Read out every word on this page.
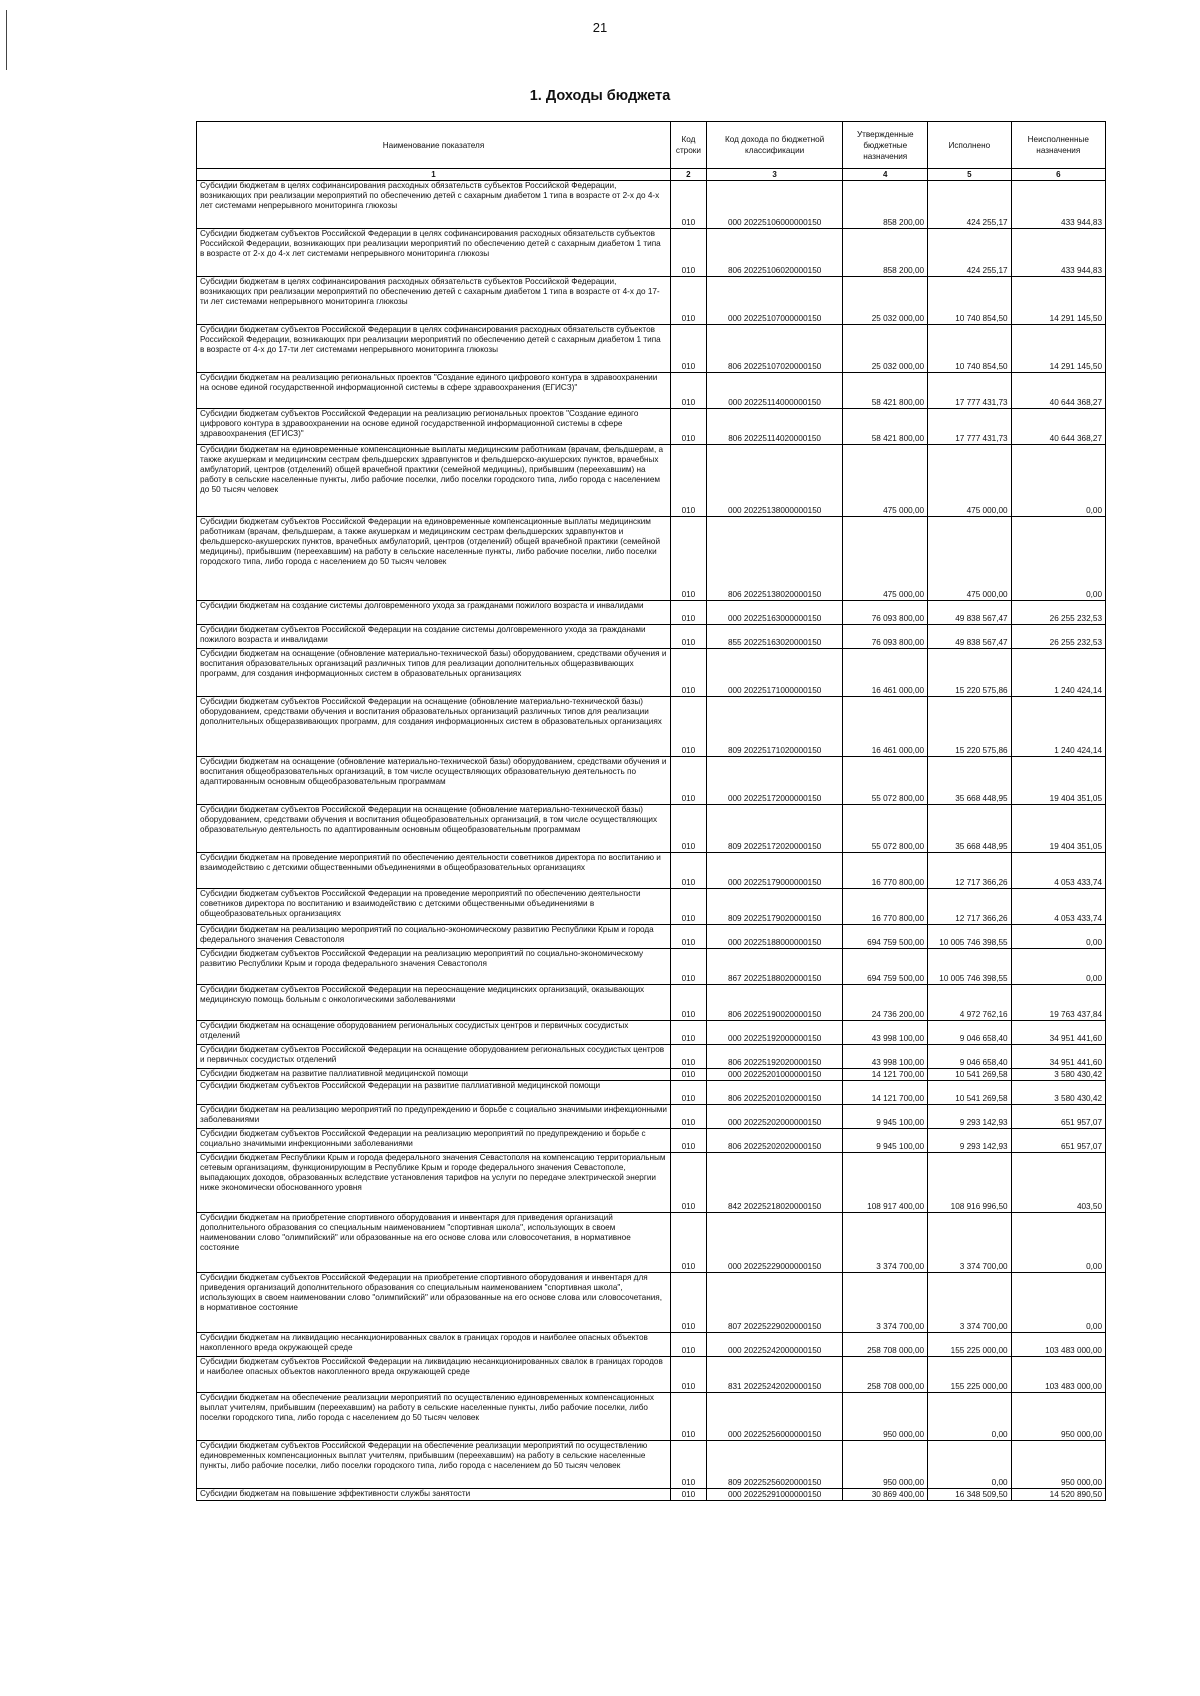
21
1. Доходы бюджета
Наименование показателя	Код строки	Код дохода по бюджетной классификации	Утвержденные бюджетные назначения	Исполнено	Неисполненные назначения
1	2	3	4	5	6
Субсидии бюджетам в целях софинансирования расходных обязательств субъектов Российской Федерации, возникающих при реализации мероприятий по обеспечению детей с сахарным диабетом 1 типа в возрасте от 2-х до 4-х лет системами непрерывного мониторинга глюкозы	010	000 20225106000000150	858 200,00	424 255,17	433 944,83
Субсидии бюджетам субъектов Российской Федерации в целях софинансирования расходных обязательств субъектов Российской Федерации, возникающих при реализации мероприятий по обеспечению детей с сахарным диабетом 1 типа в возрасте от 2-х до 4-х лет системами непрерывного мониторинга глюкозы	010	806 20225106020000150	858 200,00	424 255,17	433 944,83
Субсидии бюджетам в целях софинансирования расходных обязательств субъектов Российской Федерации, возникающих при реализации мероприятий по обеспечению детей с сахарным диабетом 1 типа в возрасте от 4-х до 17-ти лет системами непрерывного мониторинга глюкозы	010	000 20225107000000150	25 032 000,00	10 740 854,50	14 291 145,50
Субсидии бюджетам субъектов Российской Федерации в целях софинансирования расходных обязательств субъектов Российской Федерации, возникающих при реализации мероприятий по обеспечению детей с сахарным диабетом 1 типа в возрасте от 4-х до 17-ти лет системами непрерывного мониторинга глюкозы	010	806 20225107020000150	25 032 000,00	10 740 854,50	14 291 145,50
Субсидии бюджетам на реализацию региональных проектов "Создание единого цифрового контура в здравоохранении на основе единой государственной информационной системы в сфере здравоохранения (ЕГИСЗ)"	010	000 20225114000000150	58 421 800,00	17 777 431,73	40 644 368,27
Субсидии бюджетам субъектов Российской Федерации на реализацию региональных проектов "Создание единого цифрового контура в здравоохранении на основе единой государственной информационной системы в сфере здравоохранения (ЕГИСЗ)"	010	806 20225114020000150	58 421 800,00	17 777 431,73	40 644 368,27
Субсидии бюджетам на единовременные компенсационные выплаты медицинским работникам (врачам, фельдшерам, а также акушеркам и медицинским сестрам фельдшерских здравпунктов и фельдшерско-акушерских пунктов, врачебных амбулаторий, центров (отделений) общей врачебной практики (семейной медицины), прибывшим (переехавшим) на работу в сельские населенные пункты, либо рабочие поселки, либо поселки городского типа, либо города с населением до 50 тысяч человек	010	000 20225138000000150	475 000,00	475 000,00	0,00
Субсидии бюджетам субъектов Российской Федерации на единовременные компенсационные выплаты медицинским работникам (врачам, фельдшерам, а также акушеркам и медицинским сестрам фельдшерских здравпунктов и фельдшерско-акушерских пунктов, врачебных амбулаторий, центров (отделений) общей врачебной практики (семейной медицины), прибывшим (переехавшим) на работу в сельские населенные пункты, либо рабочие поселки, либо поселки городского типа, либо города с населением до 50 тысяч человек	010	806 20225138020000150	475 000,00	475 000,00	0,00
Субсидии бюджетам на создание системы долговременного ухода за гражданами пожилого возраста и инвалидами	010	000 20225163000000150	76 093 800,00	49 838 567,47	26 255 232,53
Субсидии бюджетам субъектов Российской Федерации на создание системы долговременного ухода за гражданами пожилого возраста и инвалидами	010	855 20225163020000150	76 093 800,00	49 838 567,47	26 255 232,53
Субсидии бюджетам на оснащение (обновление материально-технической базы) оборудованием, средствами обучения и воспитания образовательных организаций различных типов для реализации дополнительных общеразвивающих программ, для создания информационных систем в образовательных организациях	010	000 20225171000000150	16 461 000,00	15 220 575,86	1 240 424,14
Субсидии бюджетам субъектов Российской Федерации на оснащение (обновление материально-технической базы) оборудованием, средствами обучения и воспитания образовательных организаций различных типов для реализации дополнительных общеразвивающих программ, для создания информационных систем в образовательных организациях	010	809 20225171020000150	16 461 000,00	15 220 575,86	1 240 424,14
Субсидии бюджетам на оснащение (обновление материально-технической базы) оборудованием, средствами обучения и воспитания общеобразовательных организаций, в том числе осуществляющих образовательную деятельность по адаптированным основным общеобразовательным программам	010	000 20225172000000150	55 072 800,00	35 668 448,95	19 404 351,05
Субсидии бюджетам субъектов Российской Федерации на оснащение (обновление материально-технической базы) оборудованием, средствами обучения и воспитания общеобразовательных организаций, в том числе осуществляющих образовательную деятельность по адаптированным основным общеобразовательным программам	010	809 20225172020000150	55 072 800,00	35 668 448,95	19 404 351,05
Субсидии бюджетам на проведение мероприятий по обеспечению деятельности советников директора по воспитанию и взаимодействию с детскими общественными объединениями в общеобразовательных организациях	010	000 20225179000000150	16 770 800,00	12 717 366,26	4 053 433,74
Субсидии бюджетам субъектов Российской Федерации на проведение мероприятий по обеспечению деятельности советников директора по воспитанию и взаимодействию с детскими общественными объединениями в общеобразовательных организациях	010	809 20225179020000150	16 770 800,00	12 717 366,26	4 053 433,74
Субсидии бюджетам на реализацию мероприятий по социально-экономическому развитию Республики Крым и города федерального значения Севастополя	010	000 20225188000000150	694 759 500,00	10 005 746 398,55	0,00
Субсидии бюджетам субъектов Российской Федерации на реализацию мероприятий по социально-экономическому развитию Республики Крым и города федерального значения Севастополя	010	867 20225188020000150	694 759 500,00	10 005 746 398,55	0,00
Субсидии бюджетам субъектов Российской Федерации на переоснащение медицинских организаций, оказывающих медицинскую помощь больным с онкологическими заболеваниями	010	806 20225190020000150	24 736 200,00	4 972 762,16	19 763 437,84
Субсидии бюджетам на оснащение оборудованием региональных сосудистых центров и первичных сосудистых отделений	010	000 20225192000000150	43 998 100,00	9 046 658,40	34 951 441,60
Субсидии бюджетам субъектов Российской Федерации на оснащение оборудованием региональных сосудистых центров и первичных сосудистых отделений	010	806 20225192020000150	43 998 100,00	9 046 658,40	34 951 441,60
Субсидии бюджетам на развитие паллиативной медицинской помощи	010	000 20225201000000150	14 121 700,00	10 541 269,58	3 580 430,42
Субсидии бюджетам субъектов Российской Федерации на развитие паллиативной медицинской помощи	010	806 20225201020000150	14 121 700,00	10 541 269,58	3 580 430,42
Субсидии бюджетам на реализацию мероприятий по предупреждению и борьбе с социально значимыми инфекционными заболеваниями	010	000 20225202000000150	9 945 100,00	9 293 142,93	651 957,07
Субсидии бюджетам субъектов Российской Федерации на реализацию мероприятий по предупреждению и борьбе с социально значимыми инфекционными заболеваниями	010	806 20225202020000150	9 945 100,00	9 293 142,93	651 957,07
Субсидии бюджетам Республики Крым и города федерального значения Севастополя на компенсацию территориальным сетевым организациям, функционирующим в Республике Крым и городе федерального значения Севастополе, выпадающих доходов, образованных вследствие установления тарифов на услуги по передаче электрической энергии ниже экономически обоснованного уровня	010	842 20225218020000150	108 917 400,00	108 916 996,50	403,50
Субсидии бюджетам на приобретение спортивного оборудования и инвентаря для приведения организаций дополнительного образования со специальным наименованием "спортивная школа", использующих в своем наименовании слово "олимпийский" или образованные на его основе слова или словосочетания, в нормативное состояние	010	000 20225229000000150	3 374 700,00	3 374 700,00	0,00
Субсидии бюджетам субъектов Российской Федерации на приобретение спортивного оборудования и инвентаря для приведения организаций дополнительного образования со специальным наименованием "спортивная школа", использующих в своем наименовании слово "олимпийский" или образованные на его основе слова или словосочетания, в нормативное состояние	010	807 20225229020000150	3 374 700,00	3 374 700,00	0,00
Субсидии бюджетам на ликвидацию несанкционированных свалок в границах городов и наиболее опасных объектов накопленного вреда окружающей среде	010	000 20225242000000150	258 708 000,00	155 225 000,00	103 483 000,00
Субсидии бюджетам субъектов Российской Федерации на ликвидацию несанкционированных свалок в границах городов и наиболее опасных объектов накопленного вреда окружающей среде	010	831 20225242020000150	258 708 000,00	155 225 000,00	103 483 000,00
Субсидии бюджетам на обеспечение реализации мероприятий по осуществлению единовременных компенсационных выплат учителям, прибывшим (переехавшим) на работу в сельские населенные пункты, либо рабочие поселки, либо поселки городского типа, либо города с населением до 50 тысяч человек	010	000 20225256000000150	950 000,00	0,00	950 000,00
Субсидии бюджетам субъектов Российской Федерации на обеспечение реализации мероприятий по осуществлению единовременных компенсационных выплат учителям, прибывшим (переехавшим) на работу в сельские населенные пункты, либо рабочие поселки, либо поселки городского типа, либо города с населением до 50 тысяч человек	010	809 20225256020000150	950 000,00	0,00	950 000,00
Субсидии бюджетам на повышение эффективности службы занятости	010	000 20225291000000150	30 869 400,00	16 348 509,50	14 520 890,50
